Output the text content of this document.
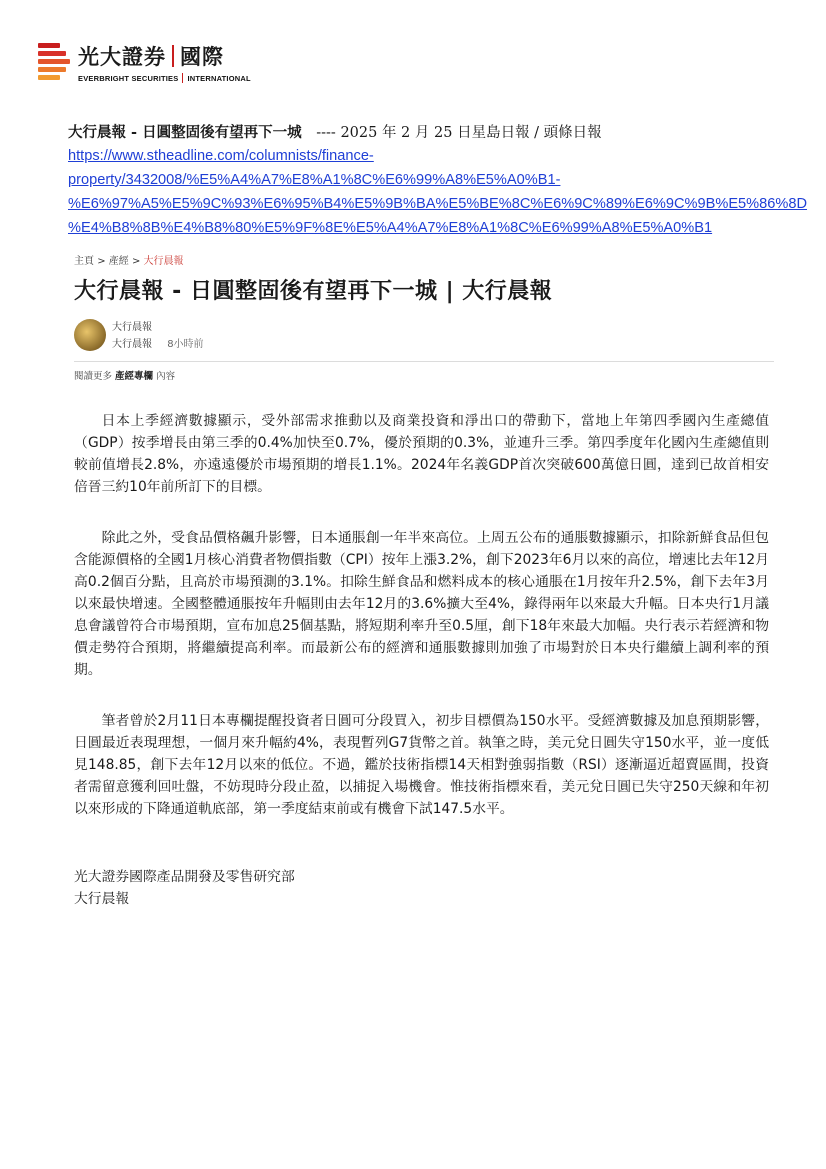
光大證券 國際
EVERBRIGHT SECURITIES INTERNATIONAL
大行晨報 - 日圓整固後有望再下一城 ---- 2025 年 2 月 25 日星島日報 / 頭條日報
https://www.stheadline.com/columnists/finance-
property/3432008/%E5%A4%A7%E8%A1%8C%E6%99%A8%E5%A0%B1-
%E6%97%A5%E5%9C%93%E6%95%B4%E5%9B%BA%E5%BE%8C%E6%9C%89%E6%9C%9B%E5%86%8D
%E4%B8%8B%E4%B8%80%E5%9F%8E%E5%A4%A7%E8%A1%8C%E6%99%A8%E5%A0%B1
主頁 > 產經 > 大行晨報
大行晨報 - 日圓整固後有望再下一城 | 大行晨報
大行晨報
大行晨報 8小時前
閱讀更多 產經專欄 內容

日本上季經濟數據顯示，受外部需求推動以及商業投資和淨出口的帶動下，當地上年第四季國內生產總值（GDP）按季增長由第三季的0.4%加快至0.7%，優於預期的0.3%，並連升三季。第四季度年化國內生產總值則較前值增長2.8%，亦遠遠優於市場預期的增長1.1%。2024年名義GDP首次突破600萬億日圓，達到已故首相安倍晉三約10年前所訂下的目標。

除此之外，受食品價格飆升影響，日本通脹創一年半來高位。上周五公布的通脹數據顯示，扣除新鮮食品但包含能源價格的全國1月核心消費者物價指數（CPI）按年上漲3.2%，創下2023年6月以來的高位，增速比去年12月高0.2個百分點，且高於市場預測的3.1%。扣除生鮮食品和燃料成本的核心通脹在1月按年升2.5%，創下去年3月以來最快增速。全國整體通脹按年升幅則由去年12月的3.6%擴大至4%，錄得兩年以來最大升幅。日本央行1月議息會議曾符合市場預期，宣布加息25個基點，將短期利率升至0.5厘，創下18年來最大加幅。央行表示若經濟和物價走勢符合預期，將繼續提高利率。而最新公布的經濟和通脹數據則加強了市場對於日本央行繼續上調利率的預期。

筆者曾於2月11日本專欄提醒投資者日圓可分段買入，初步目標價為150水平。受經濟數據及加息預期影響，日圓最近表現理想，一個月來升幅約4%，表現暫列G7貨幣之首。執筆之時，美元兌日圓失守150水平，並一度低見148.85，創下去年12月以來的低位。不過，鑑於技術指標14天相對強弱指數（RSI）逐漸逼近超賣區間，投資者需留意獲利回吐盤，不妨現時分段止盈，以捕捉入場機會。惟技術指標來看，美元兌日圓已失守250天線和年初以來形成的下降通道軌底部，第一季度結束前或有機會下試147.5水平。

光大證券國際產品開發及零售研究部
大行晨報
